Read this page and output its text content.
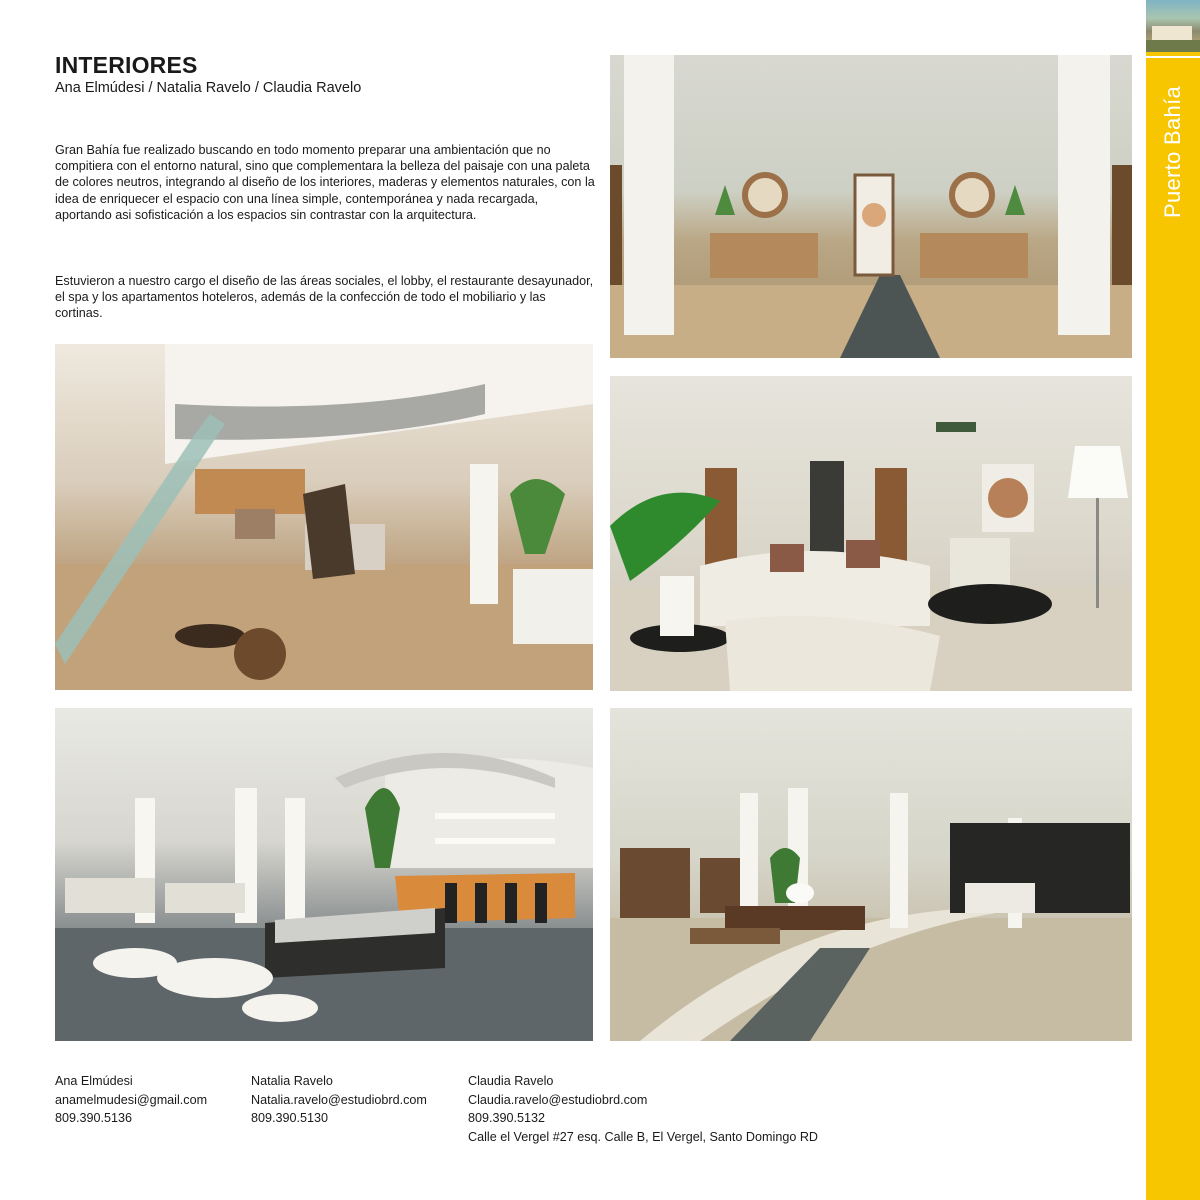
Puerto Bahía
INTERIORES
Ana Elmúdesi / Natalia Ravelo / Claudia Ravelo

Gran Bahía fue realizado buscando en todo momento preparar una ambientación que no compitiera con el entorno natural, sino que complementara la belleza del paisaje con una paleta de colores neutros, integrando al diseño de los interiores, maderas y elementos naturales, con la idea de enriquecer el espacio con una línea simple, contemporánea y nada recargada, aportando asi sofisticación a los espacios sin contrastar con la arquitectura.

Estuvieron a nuestro cargo el diseño de las áreas sociales, el lobby, el restaurante desayunador, el spa y los apartamentos hoteleros, además de la confección de todo el mobiliario y las cortinas.

Ana Elmúdesi
anamelmudesi@gmail.com
809.390.5136
Natalia Ravelo
Natalia.ravelo@estudiobrd.com
809.390.5130
Claudia Ravelo
Claudia.ravelo@estudiobrd.com
809.390.5132
Calle el Vergel #27 esq. Calle B, El Vergel, Santo Domingo RD
